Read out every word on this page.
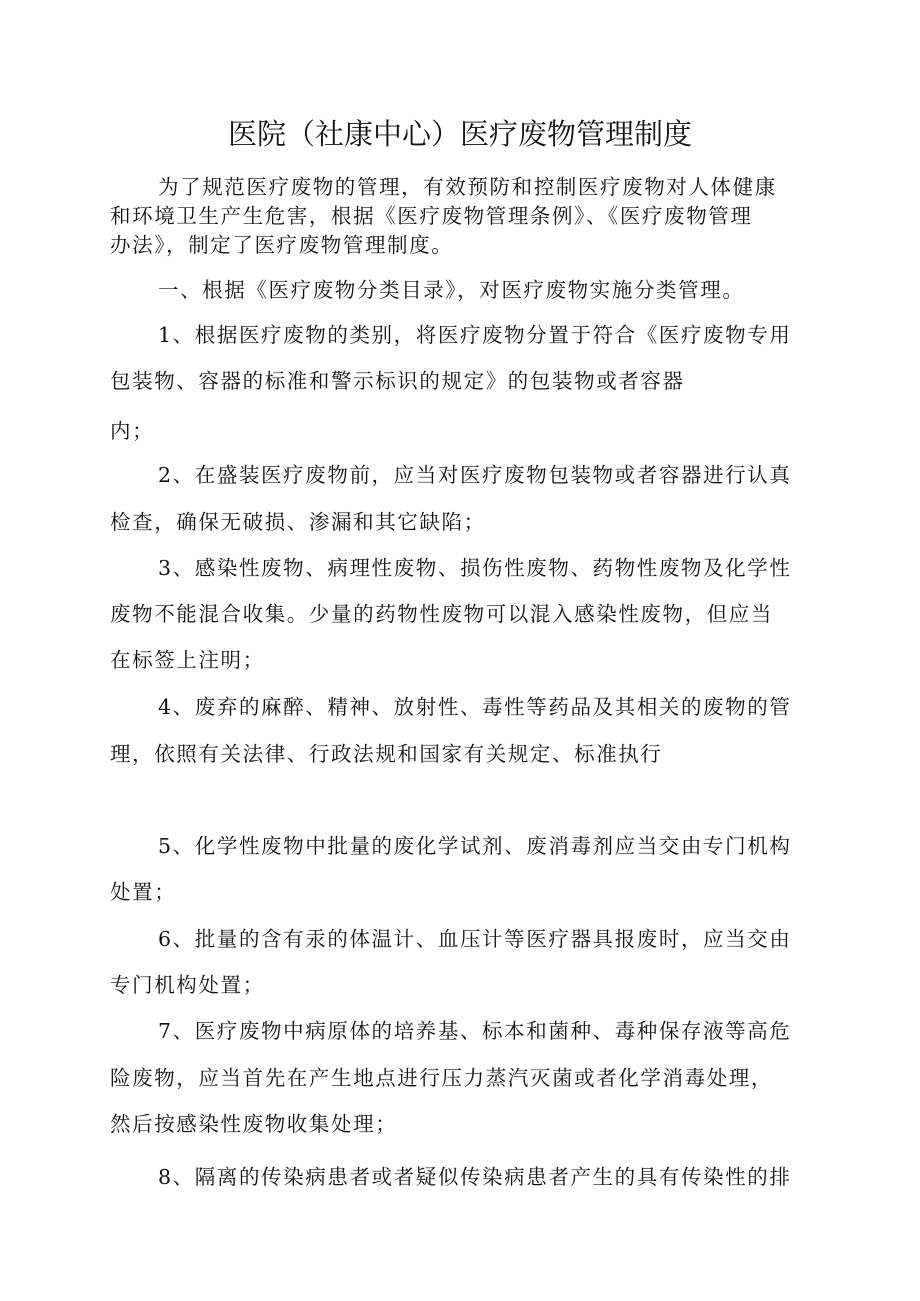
医院（社康中心）医疗废物管理制度
为了规范医疗废物的管理，有效预防和控制医疗废物对人体健康
和环境卫生产生危害，根据《医疗废物管理条例》、《医疗废物管理
办法》，制定了医疗废物管理制度。
一、根据《医疗废物分类目录》，对医疗废物实施分类管理。
1、根据医疗废物的类别，将医疗废物分置于符合《医疗废物专用
包装物、容器的标准和警示标识的规定》的包装物或者容器
内；
2、在盛装医疗废物前，应当对医疗废物包装物或者容器进行认真
检查，确保无破损、渗漏和其它缺陷；
3、感染性废物、病理性废物、损伤性废物、药物性废物及化学性
废物不能混合收集。少量的药物性废物可以混入感染性废物，但应当
在标签上注明；
4、废弃的麻醉、精神、放射性、毒性等药品及其相关的废物的管
理，依照有关法律、行政法规和国家有关规定、标准执行
5、化学性废物中批量的废化学试剂、废消毒剂应当交由专门机构
处置；
6、批量的含有汞的体温计、血压计等医疗器具报废时，应当交由
专门机构处置；
7、医疗废物中病原体的培养基、标本和菌种、毒种保存液等高危
险废物，应当首先在产生地点进行压力蒸汽灭菌或者化学消毒处理，
然后按感染性废物收集处理；
8、隔离的传染病患者或者疑似传染病患者产生的具有传染性的排
